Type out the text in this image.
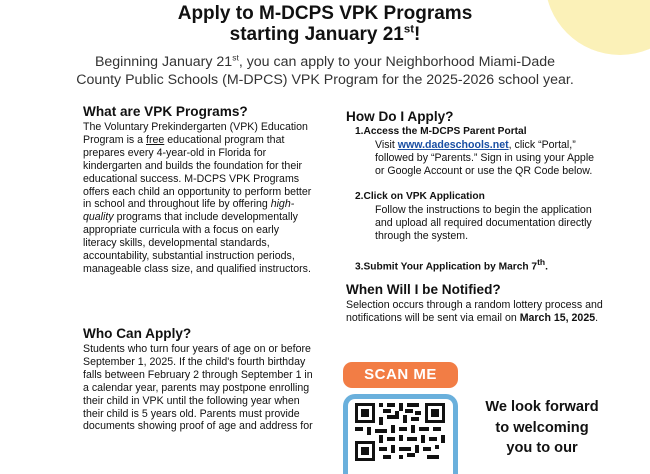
Apply to M-DCPS VPK Programs
starting January 21st!
Beginning January 21st, you can apply to your Neighborhood Miami-Dade County Public Schools (M-DPCS) VPK Program for the 2025-2026 school year.
What are VPK Programs?

The Voluntary Prekindergarten (VPK) Education Program is a free educational program that prepares every 4-year-old in Florida for kindergarten and builds the foundation for their educational success. M-DCPS VPK Programs offers each child an opportunity to perform better in school and throughout life by offering high-quality programs that include developmentally appropriate curricula with a focus on early literacy skills, developmental standards, accountability, substantial instruction periods, manageable class size, and qualified instructors.

Who Can Apply?

Students who turn four years of age on or before September 1, 2025. If the child's fourth birthday falls between February 2 through September 1 in a calendar year, parents may postpone enrolling their child in VPK until the following year when their child is 5 years old. Parents must provide documents showing proof of age and address for

How Do I Apply?
1.Access the M-DCPS Parent Portal
Visit www.dadeschools.net, click “Portal,” followed by “Parents.” Sign in using your Apple or Google Account or use the QR Code below.
2.Click on VPK Application
Follow the instructions to begin the application and upload all required documentation directly through the system.
3.Submit Your Application by March 7th.
When Will I be Notified?

Selection occurs through a random lottery process and notifications will be sent via email on March 15, 2025.

SCAN ME
We look forward
to welcoming
you to our
